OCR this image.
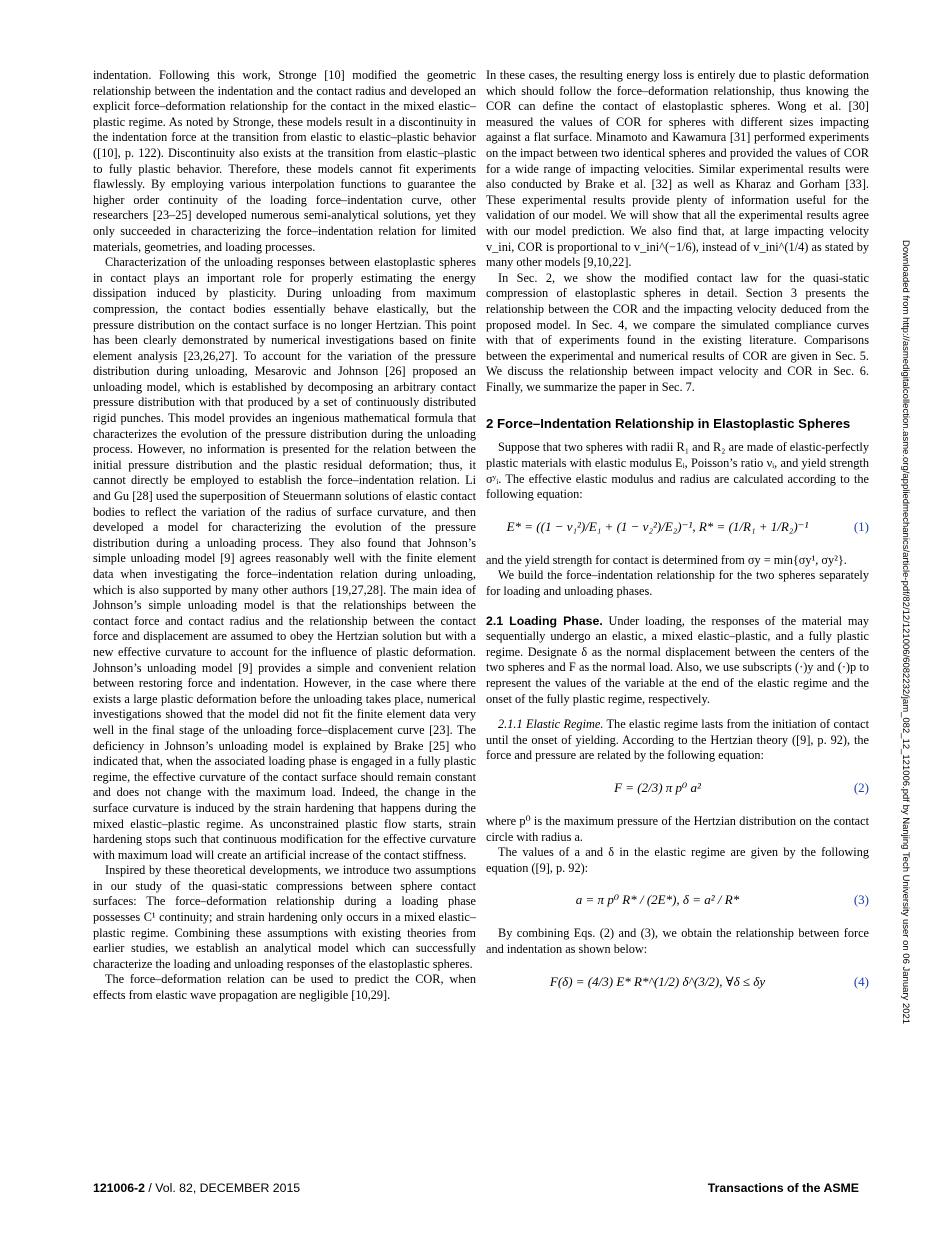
indentation. Following this work, Stronge [10] modified the geometric relationship between the indentation and the contact radius and developed an explicit force–deformation relationship for the contact in the mixed elastic–plastic regime. As noted by Stronge, these models result in a discontinuity in the indentation force at the transition from elastic to elastic–plastic behavior ([10], p. 122). Discontinuity also exists at the transition from elastic–plastic to fully plastic behavior. Therefore, these models cannot fit experiments flawlessly. By employing various interpolation functions to guarantee the higher order continuity of the loading force–indentation curve, other researchers [23–25] developed numerous semi-analytical solutions, yet they only succeeded in characterizing the force–indentation relation for limited materials, geometries, and loading processes.

Characterization of the unloading responses between elastoplastic spheres in contact plays an important role for properly estimating the energy dissipation induced by plasticity. During unloading from maximum compression, the contact bodies essentially behave elastically, but the pressure distribution on the contact surface is no longer Hertzian. This point has been clearly demonstrated by numerical investigations based on finite element analysis [23,26,27]. To account for the variation of the pressure distribution during unloading, Mesarovic and Johnson [26] proposed an unloading model, which is established by decomposing an arbitrary contact pressure distribution with that produced by a set of continuously distributed rigid punches. This model provides an ingenious mathematical formula that characterizes the evolution of the pressure distribution during the unloading process. However, no information is presented for the relation between the initial pressure distribution and the plastic residual deformation; thus, it cannot directly be employed to establish the force–indentation relation. Li and Gu [28] used the superposition of Steuermann solutions of elastic contact bodies to reflect the variation of the radius of surface curvature, and then developed a model for characterizing the evolution of the pressure distribution during a unloading process. They also found that Johnson’s simple unloading model [9] agrees reasonably well with the finite element data when investigating the force–indentation relation during unloading, which is also supported by many other authors [19,27,28]. The main idea of Johnson’s simple unloading model is that the relationships between the contact force and contact radius and the relationship between the contact force and displacement are assumed to obey the Hertzian solution but with a new effective curvature to account for the influence of plastic deformation. Johnson’s unloading model [9] provides a simple and convenient relation between restoring force and indentation. However, in the case where there exists a large plastic deformation before the unloading takes place, numerical investigations showed that the model did not fit the finite element data very well in the final stage of the unloading force–displacement curve [23]. The deficiency in Johnson’s unloading model is explained by Brake [25] who indicated that, when the associated loading phase is engaged in a fully plastic regime, the effective curvature of the contact surface should remain constant and does not change with the maximum load. Indeed, the change in the surface curvature is induced by the strain hardening that happens during the mixed elastic–plastic regime. As unconstrained plastic flow starts, strain hardening stops such that continuous modification for the effective curvature with maximum load will create an artificial increase of the contact stiffness.

Inspired by these theoretical developments, we introduce two assumptions in our study of the quasi-static compressions between sphere contact surfaces: The force–deformation relationship during a loading phase possesses C¹ continuity; and strain hardening only occurs in a mixed elastic–plastic regime. Combining these assumptions with existing theories from earlier studies, we establish an analytical model which can successfully characterize the loading and unloading responses of the elastoplastic spheres.

The force–deformation relation can be used to predict the COR, when effects from elastic wave propagation are negligible [10,29].

In these cases, the resulting energy loss is entirely due to plastic deformation which should follow the force–deformation relationship, thus knowing the COR can define the contact of elastoplastic spheres. Wong et al. [30] measured the values of COR for spheres with different sizes impacting against a flat surface. Minamoto and Kawamura [31] performed experiments on the impact between two identical spheres and provided the values of COR for a wide range of impacting velocities. Similar experimental results were also conducted by Brake et al. [32] as well as Kharaz and Gorham [33]. These experimental results provide plenty of information useful for the validation of our model. We will show that all the experimental results agree with our model prediction. We also find that, at large impacting velocity v_ini, COR is proportional to v_ini^(−1/6), instead of v_ini^(1/4) as stated by many other models [9,10,22].

In Sec. 2, we show the modified contact law for the quasi-static compression of elastoplastic spheres in detail. Section 3 presents the relationship between the COR and the impacting velocity deduced from the proposed model. In Sec. 4, we compare the simulated compliance curves with that of experiments found in the existing literature. Comparisons between the experimental and numerical results of COR are given in Sec. 5. We discuss the relationship between impact velocity and COR in Sec. 6. Finally, we summarize the paper in Sec. 7.

2 Force–Indentation Relationship in Elastoplastic Spheres

Suppose that two spheres with radii R₁ and R₂ are made of elastic-perfectly plastic materials with elastic modulus Eᵢ, Poisson’s ratio νᵢ, and yield strength σʸᵢ. The effective elastic modulus and radius are calculated according to the following equation:

E* = ((1 − ν₁²)/E₁ + (1 − ν₂²)/E₂)⁻¹, R* = (1/R₁ + 1/R₂)⁻¹	(1)

and the yield strength for contact is determined from σy = min{σy¹, σy²}.

We build the force–indentation relationship for the two spheres separately for loading and unloading phases.

2.1 Loading Phase. Under loading, the responses of the material may sequentially undergo an elastic, a mixed elastic–plastic, and a fully plastic regime. Designate δ as the normal displacement between the centers of the two spheres and F as the normal load. Also, we use subscripts (·)y and (·)p to represent the values of the variable at the end of the elastic regime and the onset of the fully plastic regime, respectively.

2.1.1 Elastic Regime. The elastic regime lasts from the initiation of contact until the onset of yielding. According to the Hertzian theory ([9], p. 92), the force and pressure are related by the following equation:

F = (2/3) π p⁰ a²	(2)

where p⁰ is the maximum pressure of the Hertzian distribution on the contact circle with radius a.

The values of a and δ in the elastic regime are given by the following equation ([9], p. 92):

a = π p⁰ R* / (2E*), δ = a² / R*	(3)

By combining Eqs. (2) and (3), we obtain the relationship between force and indentation as shown below:

F(δ) = (4/3) E* R*^(1/2) δ^(3/2), ∀δ ≤ δy	(4)
121006-2 / Vol. 82, DECEMBER 2015	Transactions of the ASME
Downloaded from http://asmedigitalcollection.asme.org/appliedmechanics/article-pdf/82/12/121006/6082232/jam_082_12_121006.pdf by Nanjing Tech University user on 06 January 2021
